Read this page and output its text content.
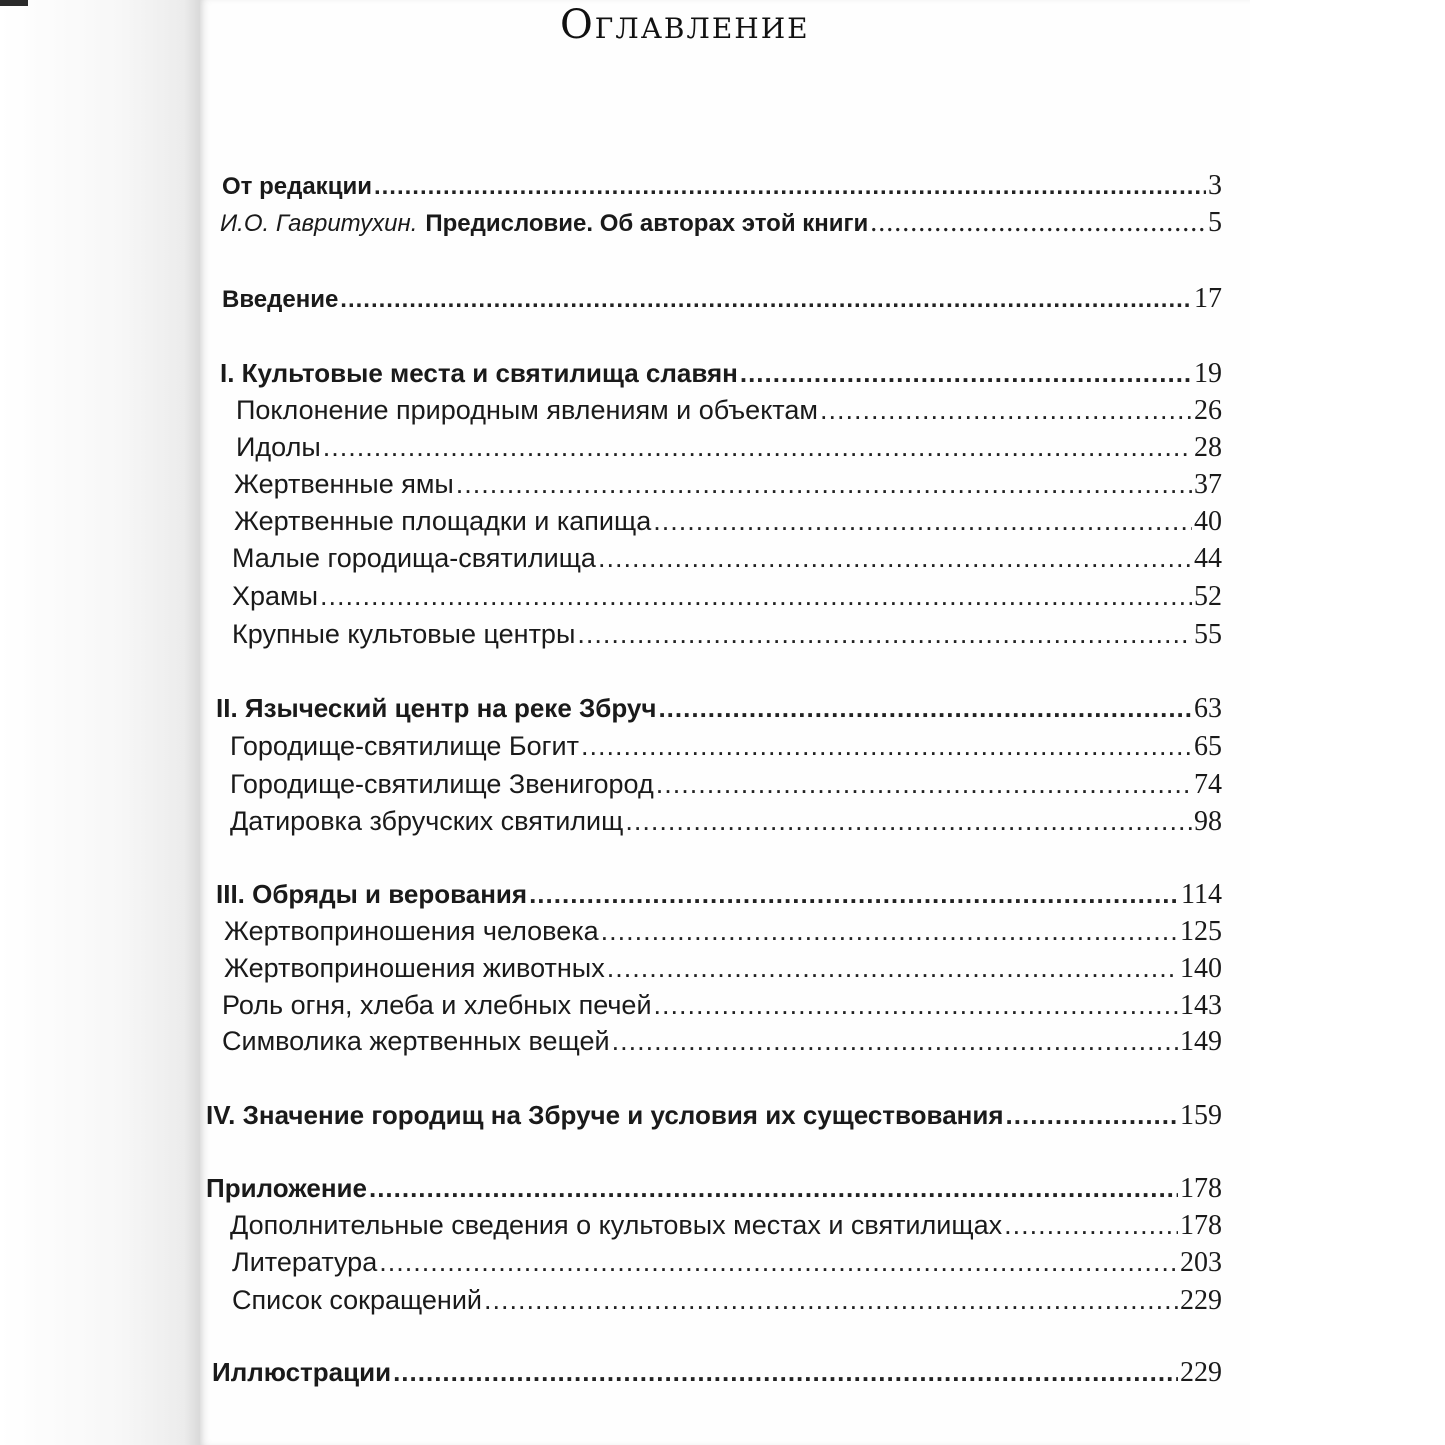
Оглавление
От редакции .....	3
И.О. Гавритухин. Предисловие. Об авторах этой книги .....	5
Введение .....	17
I. Культовые места и святилища славян .....	19
Поклонение природным явлениям и объектам .....	26
Идолы .....	28
Жертвенные ямы .....	37
Жертвенные площадки и капища .....	40
Малые городища-святилища .....	44
Храмы .....	52
Крупные культовые центры .....	55
II. Языческий центр на реке Збруч .....	63
Городище-святилище Богит .....	65
Городище-святилище Звенигород .....	74
Датировка збручских святилищ .....	98
III. Обряды и верования .....	114
Жертвоприношения человека .....	125
Жертвоприношения животных .....	140
Роль огня, хлеба и хлебных печей .....	143
Символика жертвенных вещей .....	149
IV. Значение городищ на Збруче и условия их существования .....	159
Приложение .....	178
Дополнительные сведения о культовых местах и святилищах .....	178
Литература .....	203
Список сокращений .....	229
Иллюстрации .....	229
